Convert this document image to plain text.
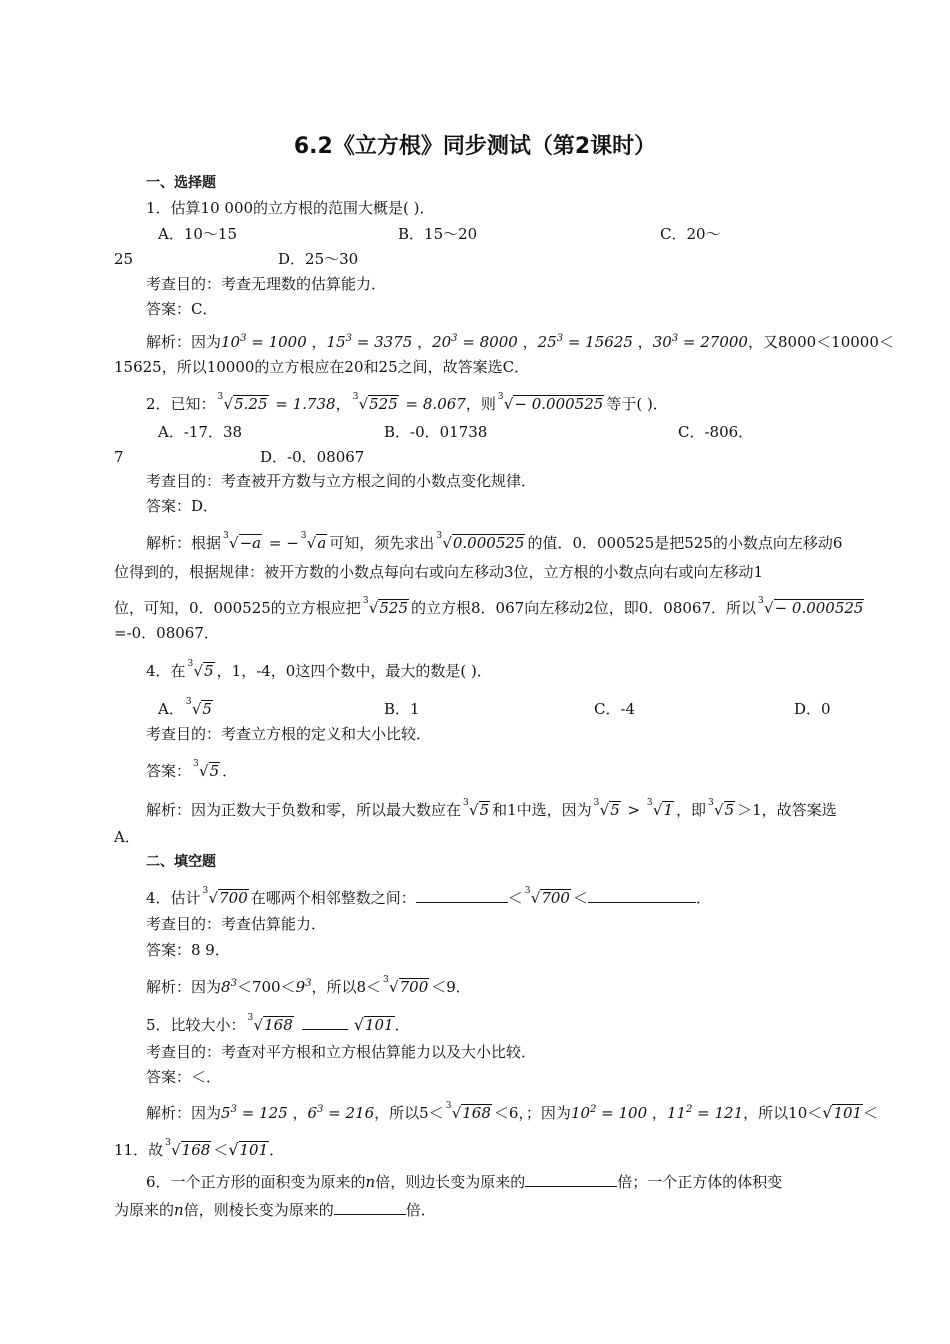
6.2《立方根》同步测试（第2课时）
一、选择题
1．估算10 000的立方根的范围大概是( )．
A．10～15	B．15～20	C．20～
25	D．25～30
考查目的：考查无理数的估算能力．
答案：C．
解析：因为$10^3 = 1000$ ，$15^3 = 3375$ ，$20^3 = 8000$ ，$25^3 = 15625$ ，$30^3 = 27000$，又8000＜10000＜
15625，所以10000的立方根应在20和25之间，故答案选C．
2．已知： 3 √5.25 = 1.738， 3 √525 = 8.067，则 3 √− 0.000525 等于( )．
A．-17．38	B．-0．01738	C．-806．
7	D．-0．08067
考查目的：考查被开方数与立方根之间的小数点变化规律．
答案：D．
解析：根据 3 √−a = − 3 √a 可知，须先求出 3 √0.000525 的值．0．000525是把525的小数点向左移动6
位得到的，根据规律：被开方数的小数点每向右或向左移动3位，立方根的小数点向右或向左移动1
位，可知，0．000525的立方根应把 3 √525 的立方根8．067向左移动2位，即0．08067．所以 3 √− 0.000525
=-0．08067．
4．在 3 √5 ，1，-4，0这四个数中，最大的数是( )．
A． 3 √5	B．1	C．-4	D．0
考查目的：考查立方根的定义和大小比较．
答案： 3 √5 ．
解析：因为正数大于负数和零，所以最大数应在 3 √5 和1中选，因为 3 √5 > 3 √1 ，即 3 √5 ＞1，故答案选
A．
二、填空题
4．估计 3 √700 在哪两个相邻整数之间：	＜ 3 √700 ＜	．
考查目的：考查估算能力．
答案：8 9．
解析：因为$8^3<700<9^3$，所以8＜ 3 √700 ＜9．
5．比较大小： 3 √168	√101．
考查目的：考查对平方根和立方根估算能力以及大小比较．
答案：＜．
解析：因为$5^3 = 125$ ，$6^3 = 216$，所以5＜ 3 √168 ＜6，；因为$10^2 = 100$ ，$11^2 = 121$，所以10＜√101＜
11．故 3 √168 ＜√101．
6．一个正方形的面积变为原来的n倍，则边长变为原来的	倍；一个正方体的体积变
为原来的n倍，则棱长变为原来的	倍．
